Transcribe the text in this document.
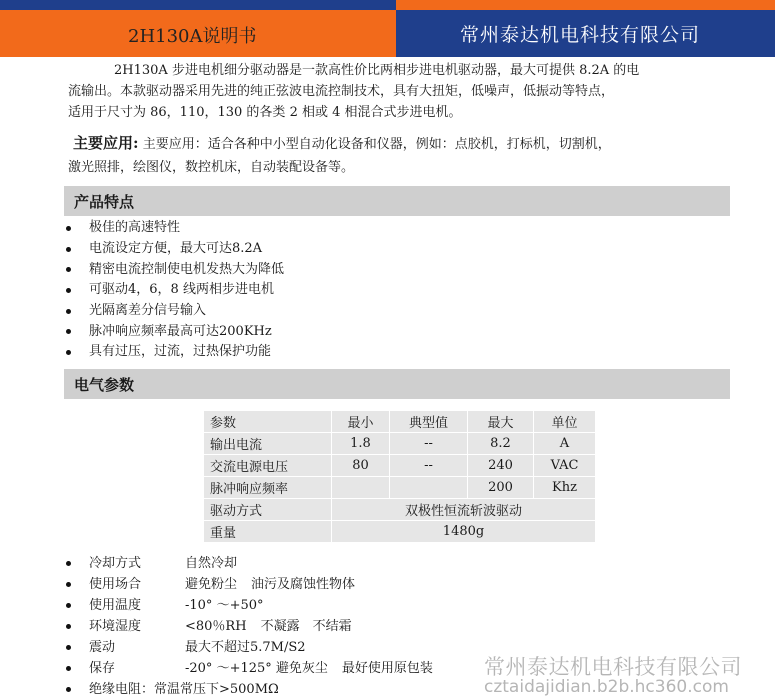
2H130A说明书	常州泰达机电科技有限公司
2H130A 步进电机细分驱动器是一款高性价比两相步进电机驱动器，最大可提供 8.2A 的电
流输出。本款驱动器采用先进的纯正弦波电流控制技术，具有大扭矩，低噪声，低振动等特点，
适用于尺寸为 86，110，130 的各类 2 相或 4 相混合式步进电机。
主要应用: 主要应用：适合各种中小型自动化设备和仪器，例如：点胶机，打标机，切割机，
激光照排，绘图仪，数控机床，自动装配设备等。
产品特点
极佳的高速特性
电流设定方便，最大可达8.2A
精密电流控制使电机发热大为降低
可驱动4，6，8 线两相步进电机
光隔离差分信号输入
脉冲响应频率最高可达200KHz
具有过压，过流，过热保护功能
电气参数
参数	最小	典型值	最大	单位
输出电流	1.8	--	8.2	A
交流电源电压	80	--	240	VAC
脉冲响应频率			200	Khz
驱动方式	双极性恒流斩波驱动			
重量	1480g			
冷却方式	自然冷却
使用场合	避免粉尘 油污及腐蚀性物体
使用温度	-10° ～+50°
环境湿度	<80％RH 不凝露　不结霜
震动	最大不超过5.7M/S2
保存	-20° ～+125° 避免灰尘 最好使用原包装
绝缘电阻：常温常压下>500MΩ
常州泰达机电科技有限公司
cztaidajidian.b2b.hc360.com
